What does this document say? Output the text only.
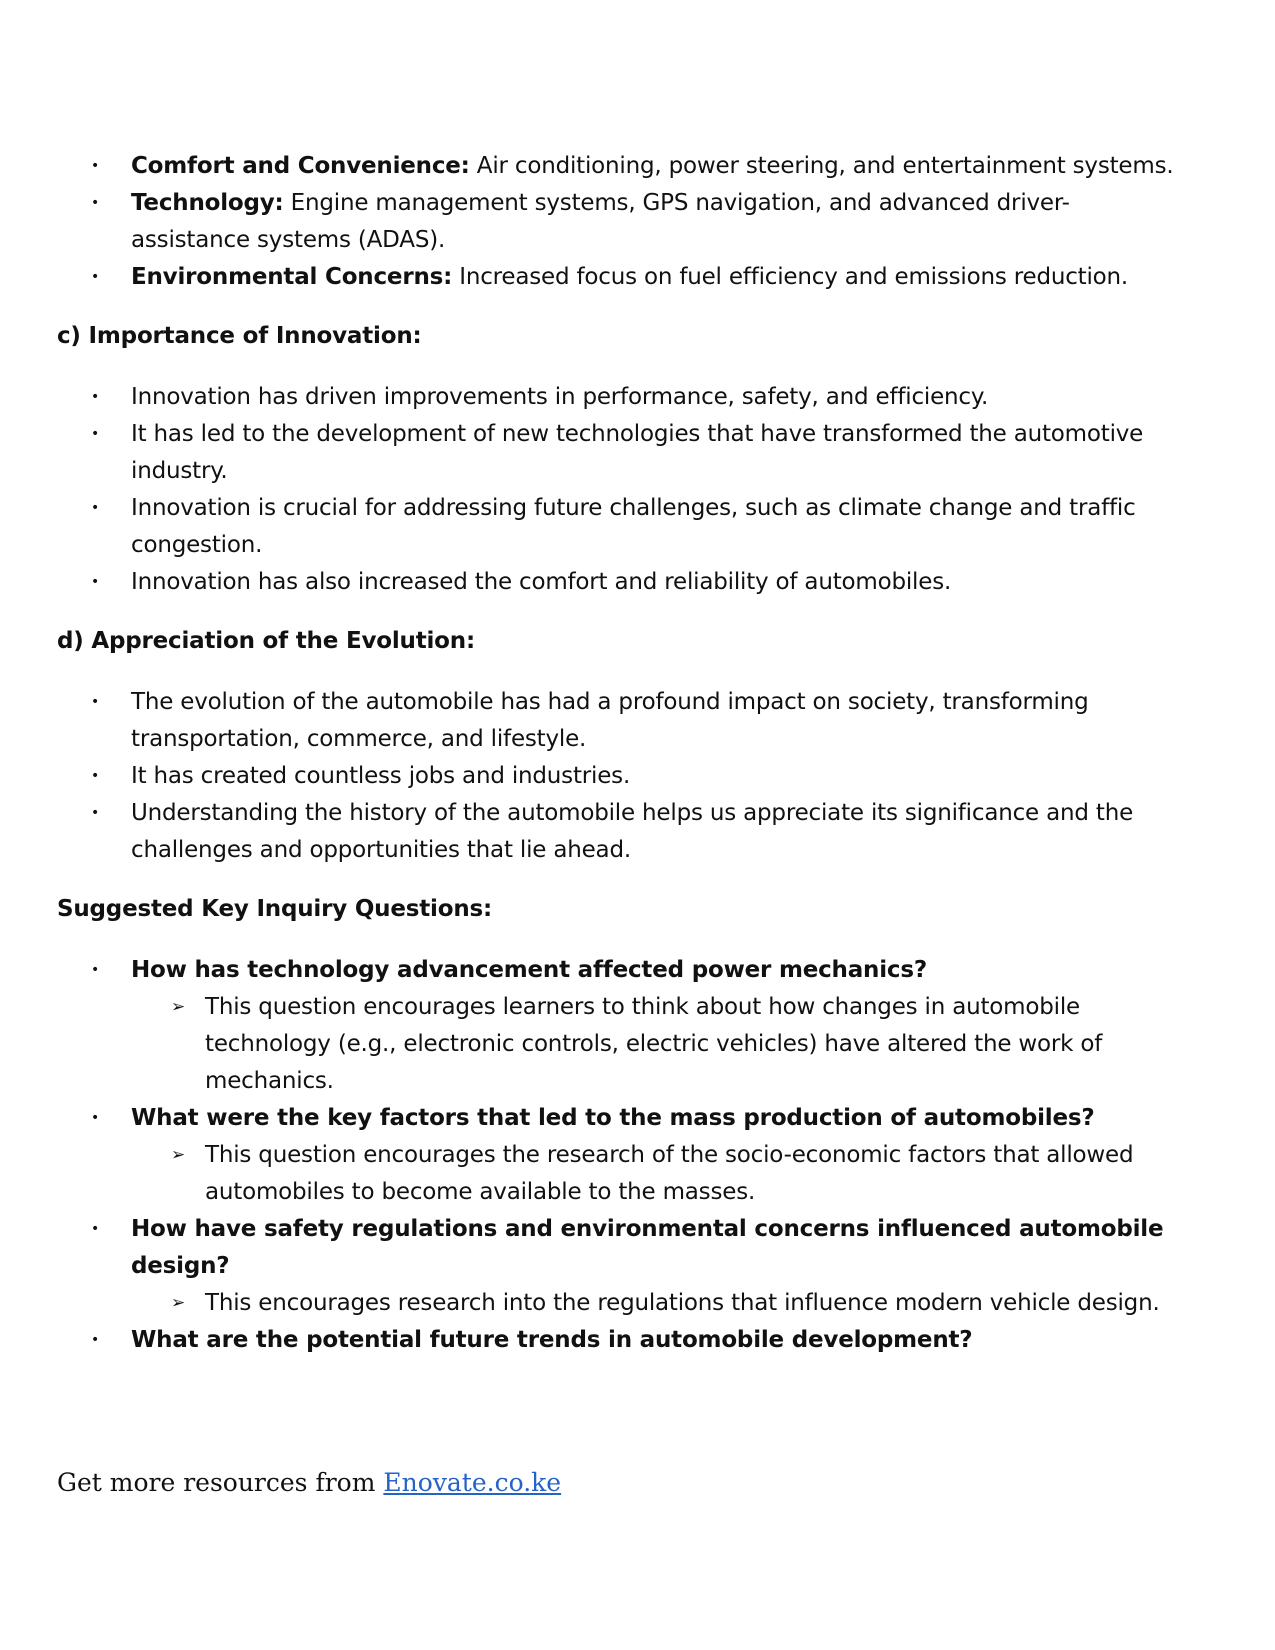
• Comfort and Convenience: Air conditioning, power steering, and entertainment systems.
• Technology: Engine management systems, GPS navigation, and advanced driver-assistance systems (ADAS).
• Environmental Concerns: Increased focus on fuel efficiency and emissions reduction.
c) Importance of Innovation:
• Innovation has driven improvements in performance, safety, and efficiency.
• It has led to the development of new technologies that have transformed the automotive industry.
• Innovation is crucial for addressing future challenges, such as climate change and traffic congestion.
• Innovation has also increased the comfort and reliability of automobiles.
d) Appreciation of the Evolution:
• The evolution of the automobile has had a profound impact on society, transforming transportation, commerce, and lifestyle.
• It has created countless jobs and industries.
• Understanding the history of the automobile helps us appreciate its significance and the challenges and opportunities that lie ahead.
Suggested Key Inquiry Questions:
• How has technology advancement affected power mechanics?
➢ This question encourages learners to think about how changes in automobile technology (e.g., electronic controls, electric vehicles) have altered the work of mechanics.
• What were the key factors that led to the mass production of automobiles?
➢ This question encourages the research of the socio-economic factors that allowed automobiles to become available to the masses.
• How have safety regulations and environmental concerns influenced automobile design?
➢ This encourages research into the regulations that influence modern vehicle design.
• What are the potential future trends in automobile development?
Get more resources from Enovate.co.ke
